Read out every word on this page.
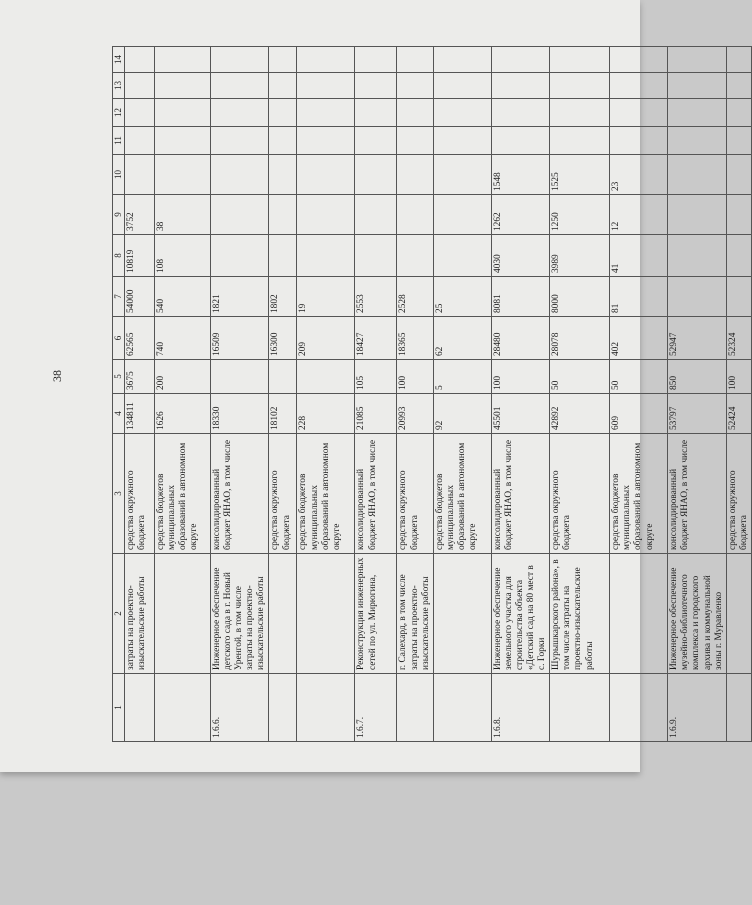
38
1	2	3	4	5	6	7	8	9	10	11	12	13	14
	затраты на проектно-изыскательские работы	средства окружного бюджета	134811	3675	62565	54000	10819	3752					
		средства бюджетов муниципальных образований в автономном округе	1626	200	740	540	108	38					
1.6.6.	Инженерное обеспечение детского сада в г. Новый Уренгой, в том числе затраты на проектно-изыскательские работы	консолидированный бюджет ЯНАО, в том числе	18330		16509	1821							
		средства окружного бюджета	18102		16300	1802							
		средства бюджетов муниципальных образований в автономном округе	228		209	19							
1.6.7.	Реконструкция инженерных сетей по ул. Мирюгина,	консолидированный бюджет ЯНАО, в том числе	21085	105	18427	2553							
	г. Салехард, в том числе затраты на проектно-изыскательские работы	средства окружного бюджета	20993	100	18365	2528							
		средства бюджетов муниципальных образований в автономном округе	92	5	62	25							
1.6.8.	Инженерное обеспечение земельного участка для строительства объекта «Детский сад на 80 мест в с. Горки	консолидированный бюджет ЯНАО, в том числе	45501	100	28480	8081	4030	1262	1548				
	Шурышкарского района», в том числе затраты на проектно-изыскательские работы	средства окружного бюджета	42892	50	28078	8000	3989	1250	1525				
		средства бюджетов муниципальных образований в автономном округе	609	50	402	81	41	12	23				
1.6.9.	Инженерное обеспечение музейно-библиотечного комплекса и городского архива и коммунальной зоны г. Муравленко	консолидированный бюджет ЯНАО, в том числе	53797	850	52947								
		средства окружного бюджета	52424	100	52324								
